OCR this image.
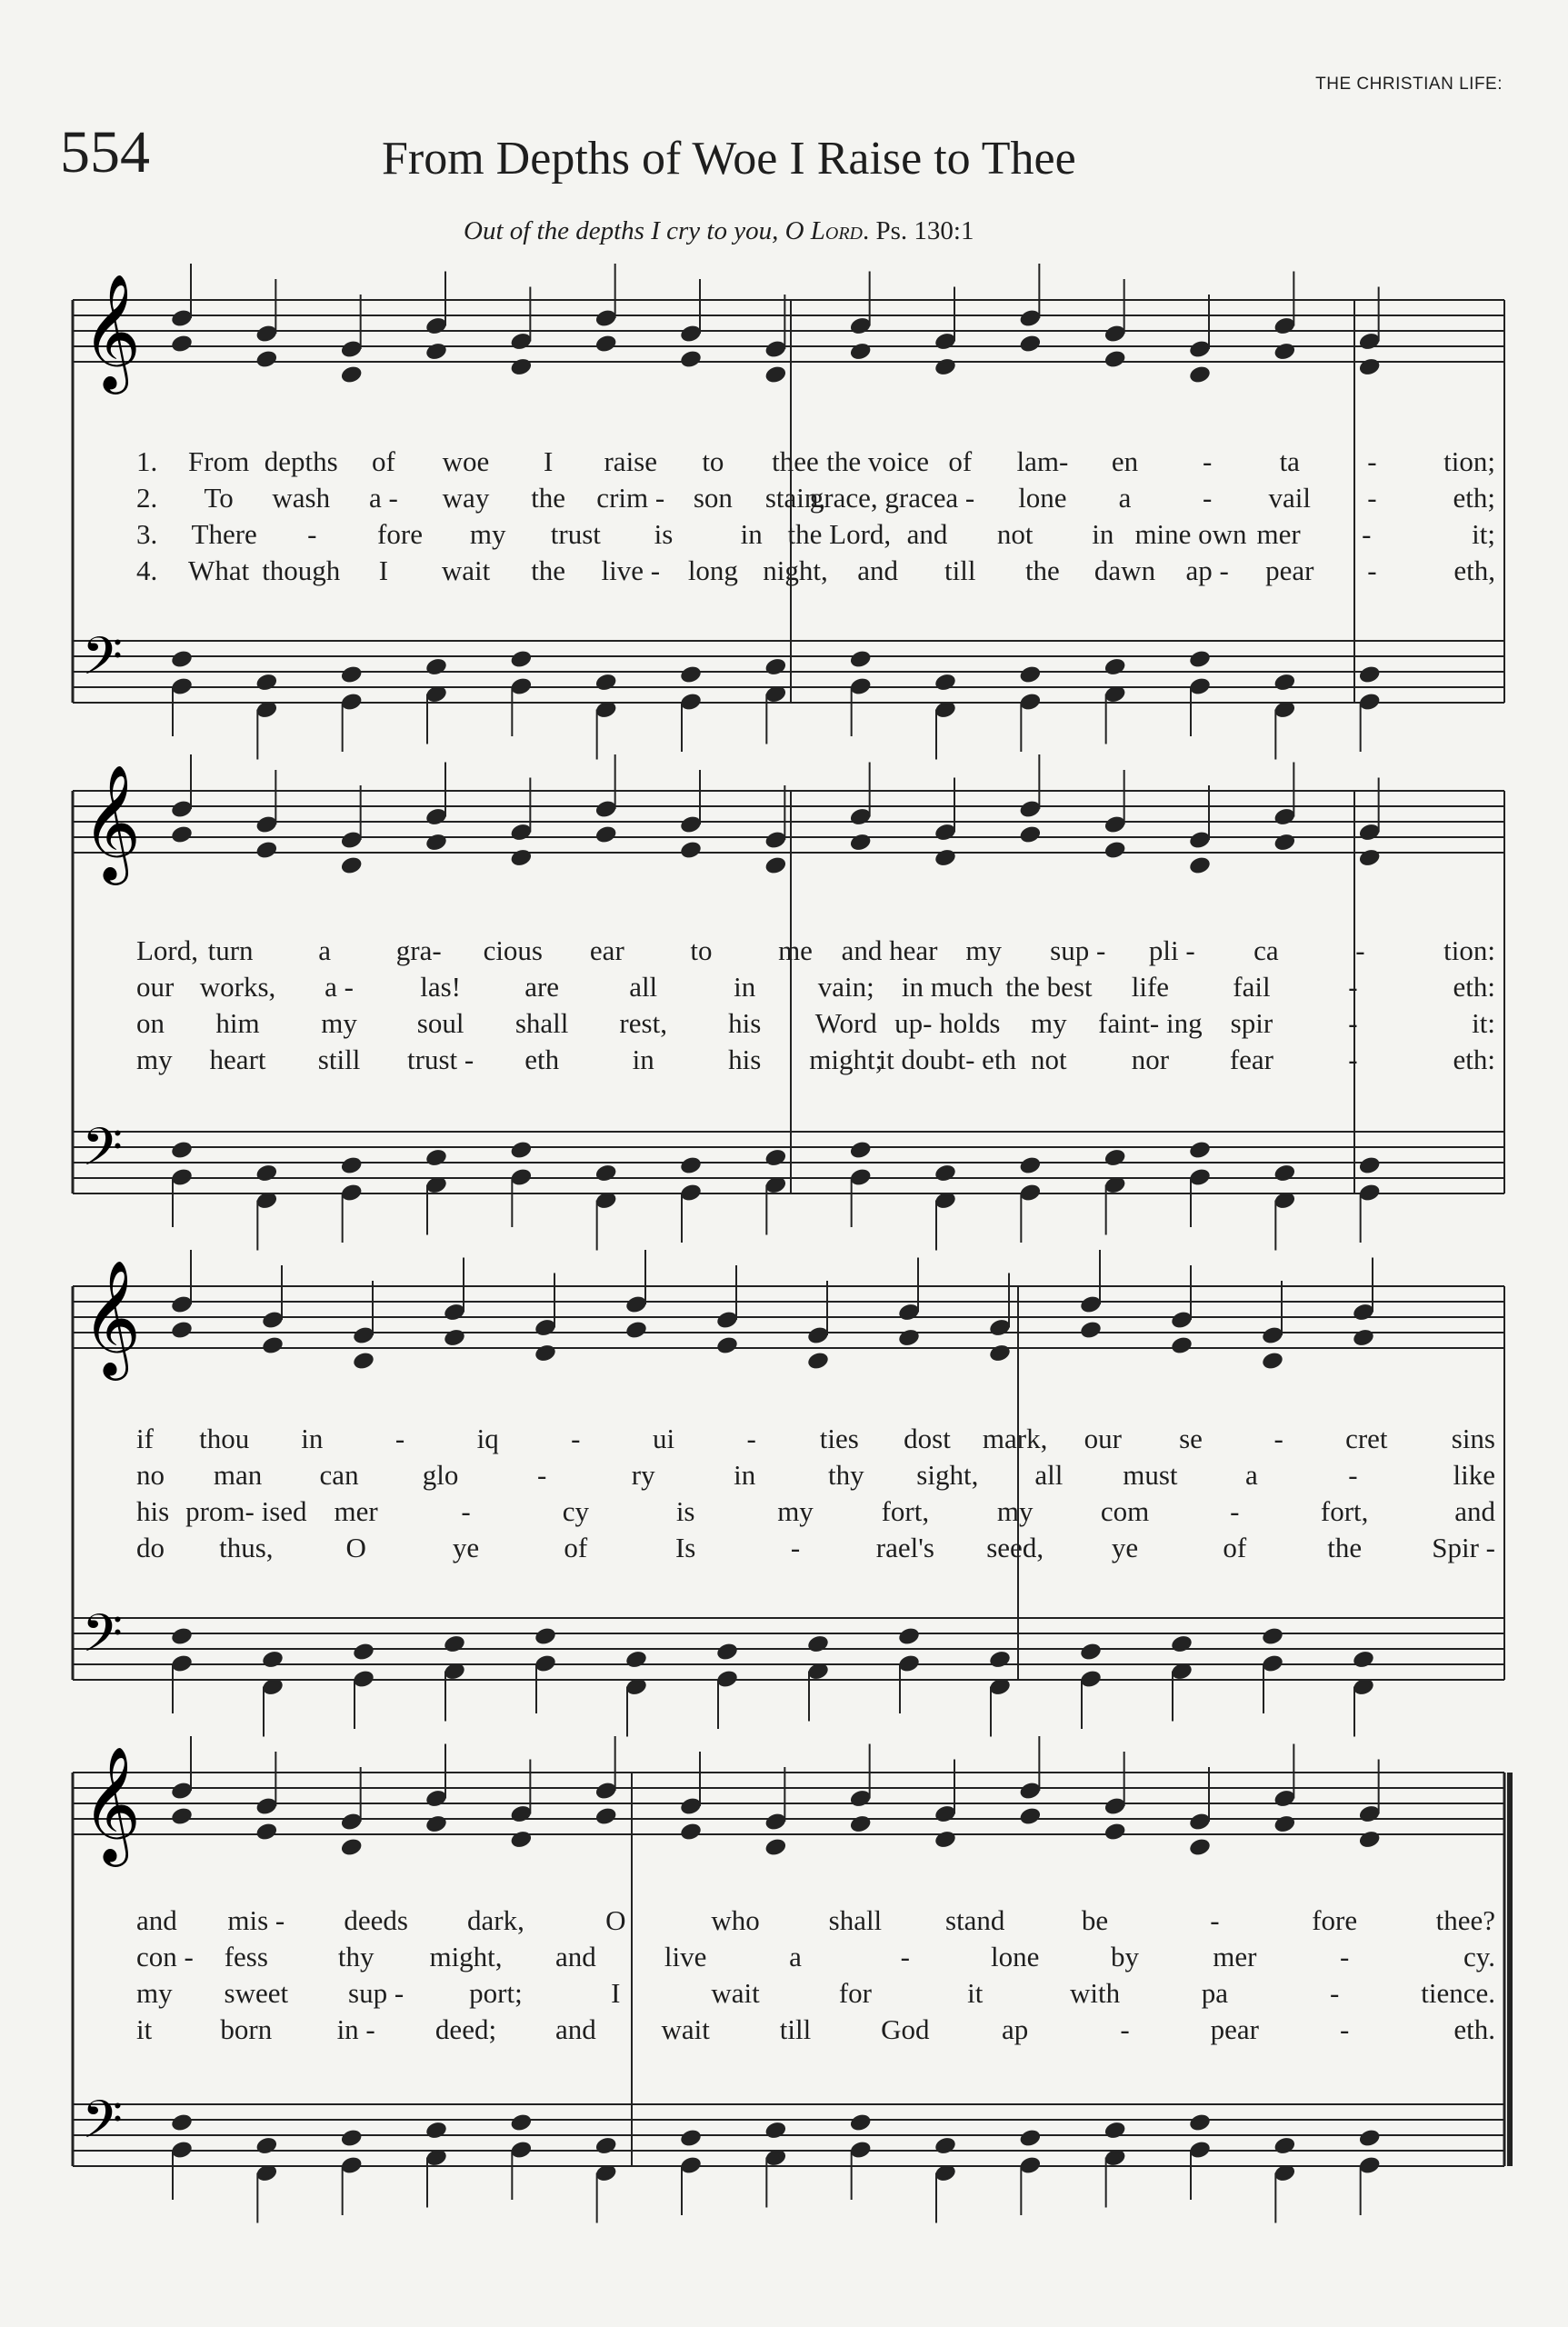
THE CHRISTIAN LIFE:
554	From Depths of Woe I Raise to Thee
Out of the depths I cry to you, O Lord. Ps. 130:1
𝄞
𝄢
𝄞
𝄢
𝄞
𝄢
𝄞
𝄢
1. From depths of woe I raise to thee the voice of lam- en - ta - tion;
2. To wash a - way the crim - son stain,
grace, grace a - lone a	- vail -	eth;
3. There - fore my trust is in the Lord, and not in mine own mer -	it;
4. What though I wait the live - long night, and till the dawn ap - pear -	eth,
Lord, turn a gra- cious ear to me and hear my sup - pli - ca	-	tion:
our works, a - las! are all	in vain; in much the best life fail	-	eth:
on him my soul shall rest, his Word up- holds my faint- ing spir	-	it:
my heart still trust - eth	in	his might;
it doubt- eth not nor fear	-	eth:
if thou in	-	iq	-	ui	- ties dost mark, our se	- cret sins
no man can glo	-	ry	in	thy sight, all must a	-	like
his prom- ised mer	-	cy	is	my fort, my com	-	fort,	and
do thus,	O	ye	of	Is	-	rael's seed, ye	of	the Spir -
and mis - deeds dark,	O	who shall stand	be	-	fore	thee?
con - fess thy might, and live	a	-	lone	by	mer	-	cy.
my sweet sup - port;	I	wait	for	it	with	pa	-	tience.
it born in - deed; and wait till God	ap	-	pear	-	eth.
